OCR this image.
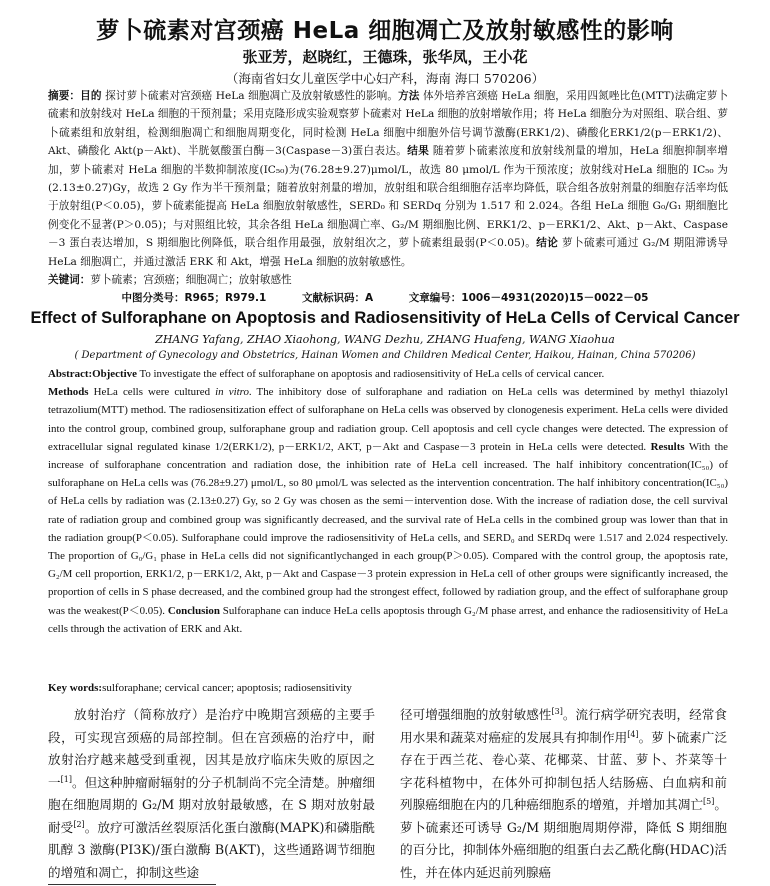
萝卜硫素对宫颈癌 HeLa 细胞凋亡及放射敏感性的影响
张亚芳，赵晓红，王德珠，张华凤，王小花
（海南省妇女儿童医学中心妇产科，海南 海口 570206）

摘要：目的 探讨萝卜硫素对宫颈癌 HeLa 细胞凋亡及放射敏感性的影响。方法 体外培养宫颈癌 HeLa 细胞，采用四氮唑比色(MTT)法确定萝卜硫素和放射线对 HeLa 细胞的干预剂量；采用克隆形成实验观察萝卜硫素对 HeLa 细胞的放射增敏作用；将 HeLa 细胞分为对照组、联合组、萝卜硫素组和放射组，检测细胞凋亡和细胞周期变化，同时检测 HeLa 细胞中细胞外信号调节激酶(ERK1/2)、磷酸化ERK1/2(p－ERK1/2)、Akt、磷酸化 Akt(p－Akt)、半胱氨酸蛋白酶－3(Caspase－3)蛋白表达。结果 随着萝卜硫素浓度和放射线剂量的增加，HeLa 细胞抑制率增加，萝卜硫素对 HeLa 细胞的半数抑制浓度(IC₅₀)为(76.28±9.27)μmol/L，故选 80 μmol/L 作为干预浓度；放射线对HeLa 细胞的 IC₅₀ 为(2.13±0.27)Gy，故选 2 Gy 作为半干预剂量；随着放射剂量的增加，放射组和联合组细胞存活率均降低，联合组各放射剂量的细胞存活率均低于放射组(P＜0.05)，萝卜硫素能提高 HeLa 细胞放射敏感性，SERD₀ 和 SERDq 分别为 1.517 和 2.024。各组 HeLa 细胞 G₀/G₁ 期细胞比例变化不显著(P＞0.05)；与对照组比较，其余各组 HeLa 细胞凋亡率、G₂/M 期细胞比例、ERK1/2、p－ERK1/2、Akt、p－Akt、Caspase－3 蛋白表达增加，S 期细胞比例降低，联合组作用最强，放射组次之，萝卜硫素组最弱(P＜0.05)。结论 萝卜硫素可通过 G₂/M 期阻滞诱导 HeLa 细胞凋亡，并通过激活 ERK 和 Akt，增强 HeLa 细胞的放射敏感性。

关键词：萝卜硫素；宫颈癌；细胞凋亡；放射敏感性

中图分类号：R965；R979.1	文献标识码：A	文章编号：1006－4931(2020)15－0022－05
Effect of Sulforaphane on Apoptosis and Radiosensitivity of HeLa Cells of Cervical Cancer
ZHANG Yafang, ZHAO Xiaohong, WANG Dezhu, ZHANG Huafeng, WANG Xiaohua
( Department of Gynecology and Obstetrics, Hainan Women and Children Medical Center, Haikou, Hainan, China 570206)

Abstract:Objective To investigate the effect of sulforaphane on apoptosis and radiosensitivity of HeLa cells of cervical cancer.
Methods HeLa cells were cultured in vitro. The inhibitory dose of sulforaphane and radiation on HeLa cells was determined by methyl thiazolyl tetrazolium(MTT) method. The radiosensitization effect of sulforaphane on HeLa cells was observed by clonogenesis experiment. HeLa cells were divided into the control group, combined group, sulforaphane group and radiation group. Cell apoptosis and cell cycle changes were detected. The expression of extracellular signal regulated kinase 1/2(ERK1/2), p－ERK1/2, AKT, p－Akt and Caspase－3 protein in HeLa cells were detected. Results With the increase of sulforaphane concentration and radiation dose, the inhibition rate of HeLa cell increased. The half inhibitory concentration(IC₅₀) of sulforaphane on HeLa cells was (76.28±9.27) μmol/L, so 80 μmol/L was selected as the intervention concentration. The half inhibitory concentration(IC₅₀) of HeLa cells by radiation was (2.13±0.27) Gy, so 2 Gy was chosen as the semi－intervention dose. With the increase of radiation dose, the cell survival rate of radiation group and combined group was significantly decreased, and the survival rate of HeLa cells in the combined group was lower than that in the radiation group(P＜0.05). Sulforaphane could improve the radiosensitivity of HeLa cells, and SERD₀ and SERDq were 1.517 and 2.024 respectively. The proportion of G₀/G₁ phase in HeLa cells did not significantlychanged in each group(P＞0.05). Compared with the control group, the apoptosis rate, G₂/M cell proportion, ERK1/2, p－ERK1/2, Akt, p－Akt and Caspase－3 protein expression in HeLa cell of other groups were significantly increased, the proportion of cells in S phase decreased, and the combined group had the strongest effect, followed by radiation group, and the effect of sulforaphane group was the weakest(P＜0.05). Conclusion Sulforaphane can induce HeLa cells apoptosis through G₂/M phase arrest, and enhance the radiosensitivity of HeLa cells through the activation of ERK and Akt.

Key words:sulforaphane; cervical cancer; apoptosis; radiosensitivity

放射治疗（简称放疗）是治疗中晚期宫颈癌的主要手段，可实现宫颈癌的局部控制。但在宫颈癌的治疗中，耐放射治疗越来越受到重视，因其是放疗临床失败的原因之一[1]。但这种肿瘤耐辐射的分子机制尚不完全清楚。肿瘤细胞在细胞周期的 G₂/M 期对放射最敏感，在 S 期对放射最耐受[2]。放疗可激活丝裂原活化蛋白激酶(MAPK)和磷脂酰肌醇 3 激酶(PI3K)/蛋白激酶 B(AKT)，这些通路调节细胞的增殖和凋亡，抑制这些途

径可增强细胞的放射敏感性[3]。流行病学研究表明，经常食用水果和蔬菜对癌症的发展具有抑制作用[4]。萝卜硫素广泛存在于西兰花、卷心菜、花椰菜、甘蓝、萝卜、芥菜等十字花科植物中，在体外可抑制包括人结肠癌、白血病和前列腺癌细胞在内的几种癌细胞系的增殖，并增加其凋亡[5]。萝卜硫素还可诱导 G₂/M 期细胞周期停滞，降低 S 期细胞的百分比，抑制体外癌细胞的组蛋白去乙酰化酶(HDAC)活性，并在体内延迟前列腺癌
